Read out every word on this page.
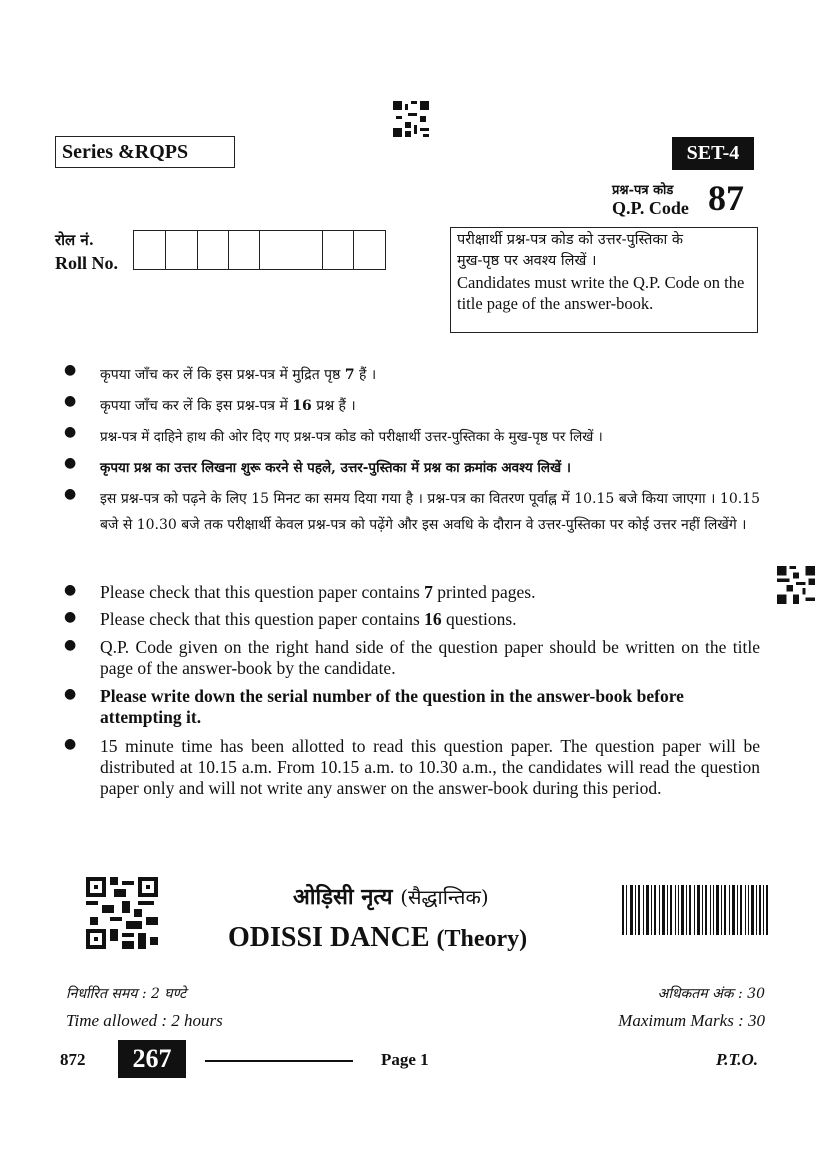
Series &RQPS	SET-4
प्रश्न-पत्र कोड
Q.P. Code 87
रोल नं.
Roll No.
परीक्षार्थी प्रश्न-पत्र कोड को उत्तर-पुस्तिका के
मुख-पृष्ठ पर अवश्य लिखें ।
Candidates must write the Q.P. Code on the title page of the answer-book.
● कृपया जाँच कर लें कि इस प्रश्न-पत्र में मुद्रित पृष्ठ 7 हैं ।
● कृपया जाँच कर लें कि इस प्रश्न-पत्र में 16 प्रश्न हैं ।
● प्रश्न-पत्र में दाहिने हाथ की ओर दिए गए प्रश्न-पत्र कोड को परीक्षार्थी उत्तर-पुस्तिका के मुख-पृष्ठ पर लिखें ।
● कृपया प्रश्न का उत्तर लिखना शुरू करने से पहले, उत्तर-पुस्तिका में प्रश्न का क्रमांक अवश्य लिखें ।
● इस प्रश्न-पत्र को पढ़ने के लिए 15 मिनट का समय दिया गया है । प्रश्न-पत्र का वितरण पूर्वाह्न में 10.15 बजे किया जाएगा । 10.15 बजे से 10.30 बजे तक परीक्षार्थी केवल प्रश्न-पत्र को पढ़ेंगे और इस अवधि के दौरान वे उत्तर-पुस्तिका पर कोई उत्तर नहीं लिखेंगे ।
● Please check that this question paper contains 7 printed pages.
● Please check that this question paper contains 16 questions.
● Q.P. Code given on the right hand side of the question paper should be written on the title page of the answer-book by the candidate.
● Please write down the serial number of the question in the answer-book before attempting it.
● 15 minute time has been allotted to read this question paper. The question paper will be distributed at 10.15 a.m. From 10.15 a.m. to 10.30 a.m., the candidates will read the question paper only and will not write any answer on the answer-book during this period.
ओड़िसी नृत्य (सैद्धान्तिक)
ODISSI DANCE (Theory)
निर्धारित समय : 2 घण्टे
Time allowed : 2 hours
अधिकतम अंक : 30
Maximum Marks : 30
872	267	Page 1	P.T.O.
